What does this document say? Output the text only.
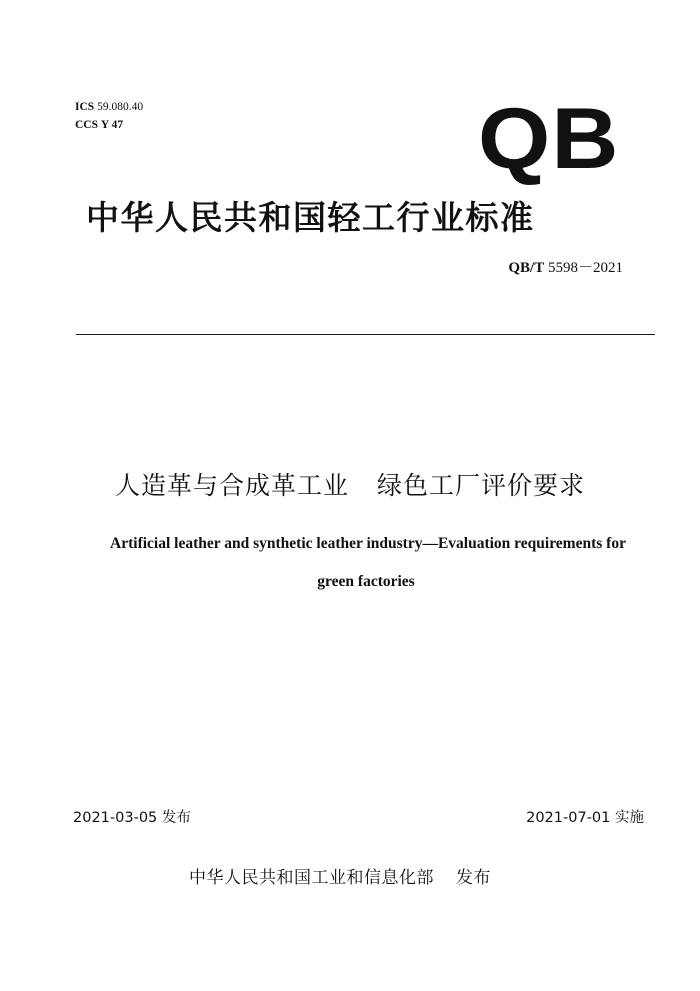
ICS 59.080.40
CCS Y 47	QB
中华人民共和国轻工行业标准
QB/T 5598－2021
人造革与合成革工业 绿色工厂评价要求
Artificial leather and synthetic leather industry—Evaluation requirements for
green factories
2021-03-05 发布	2021-07-01 实施
中华人民共和国工业和信息化部 发布
